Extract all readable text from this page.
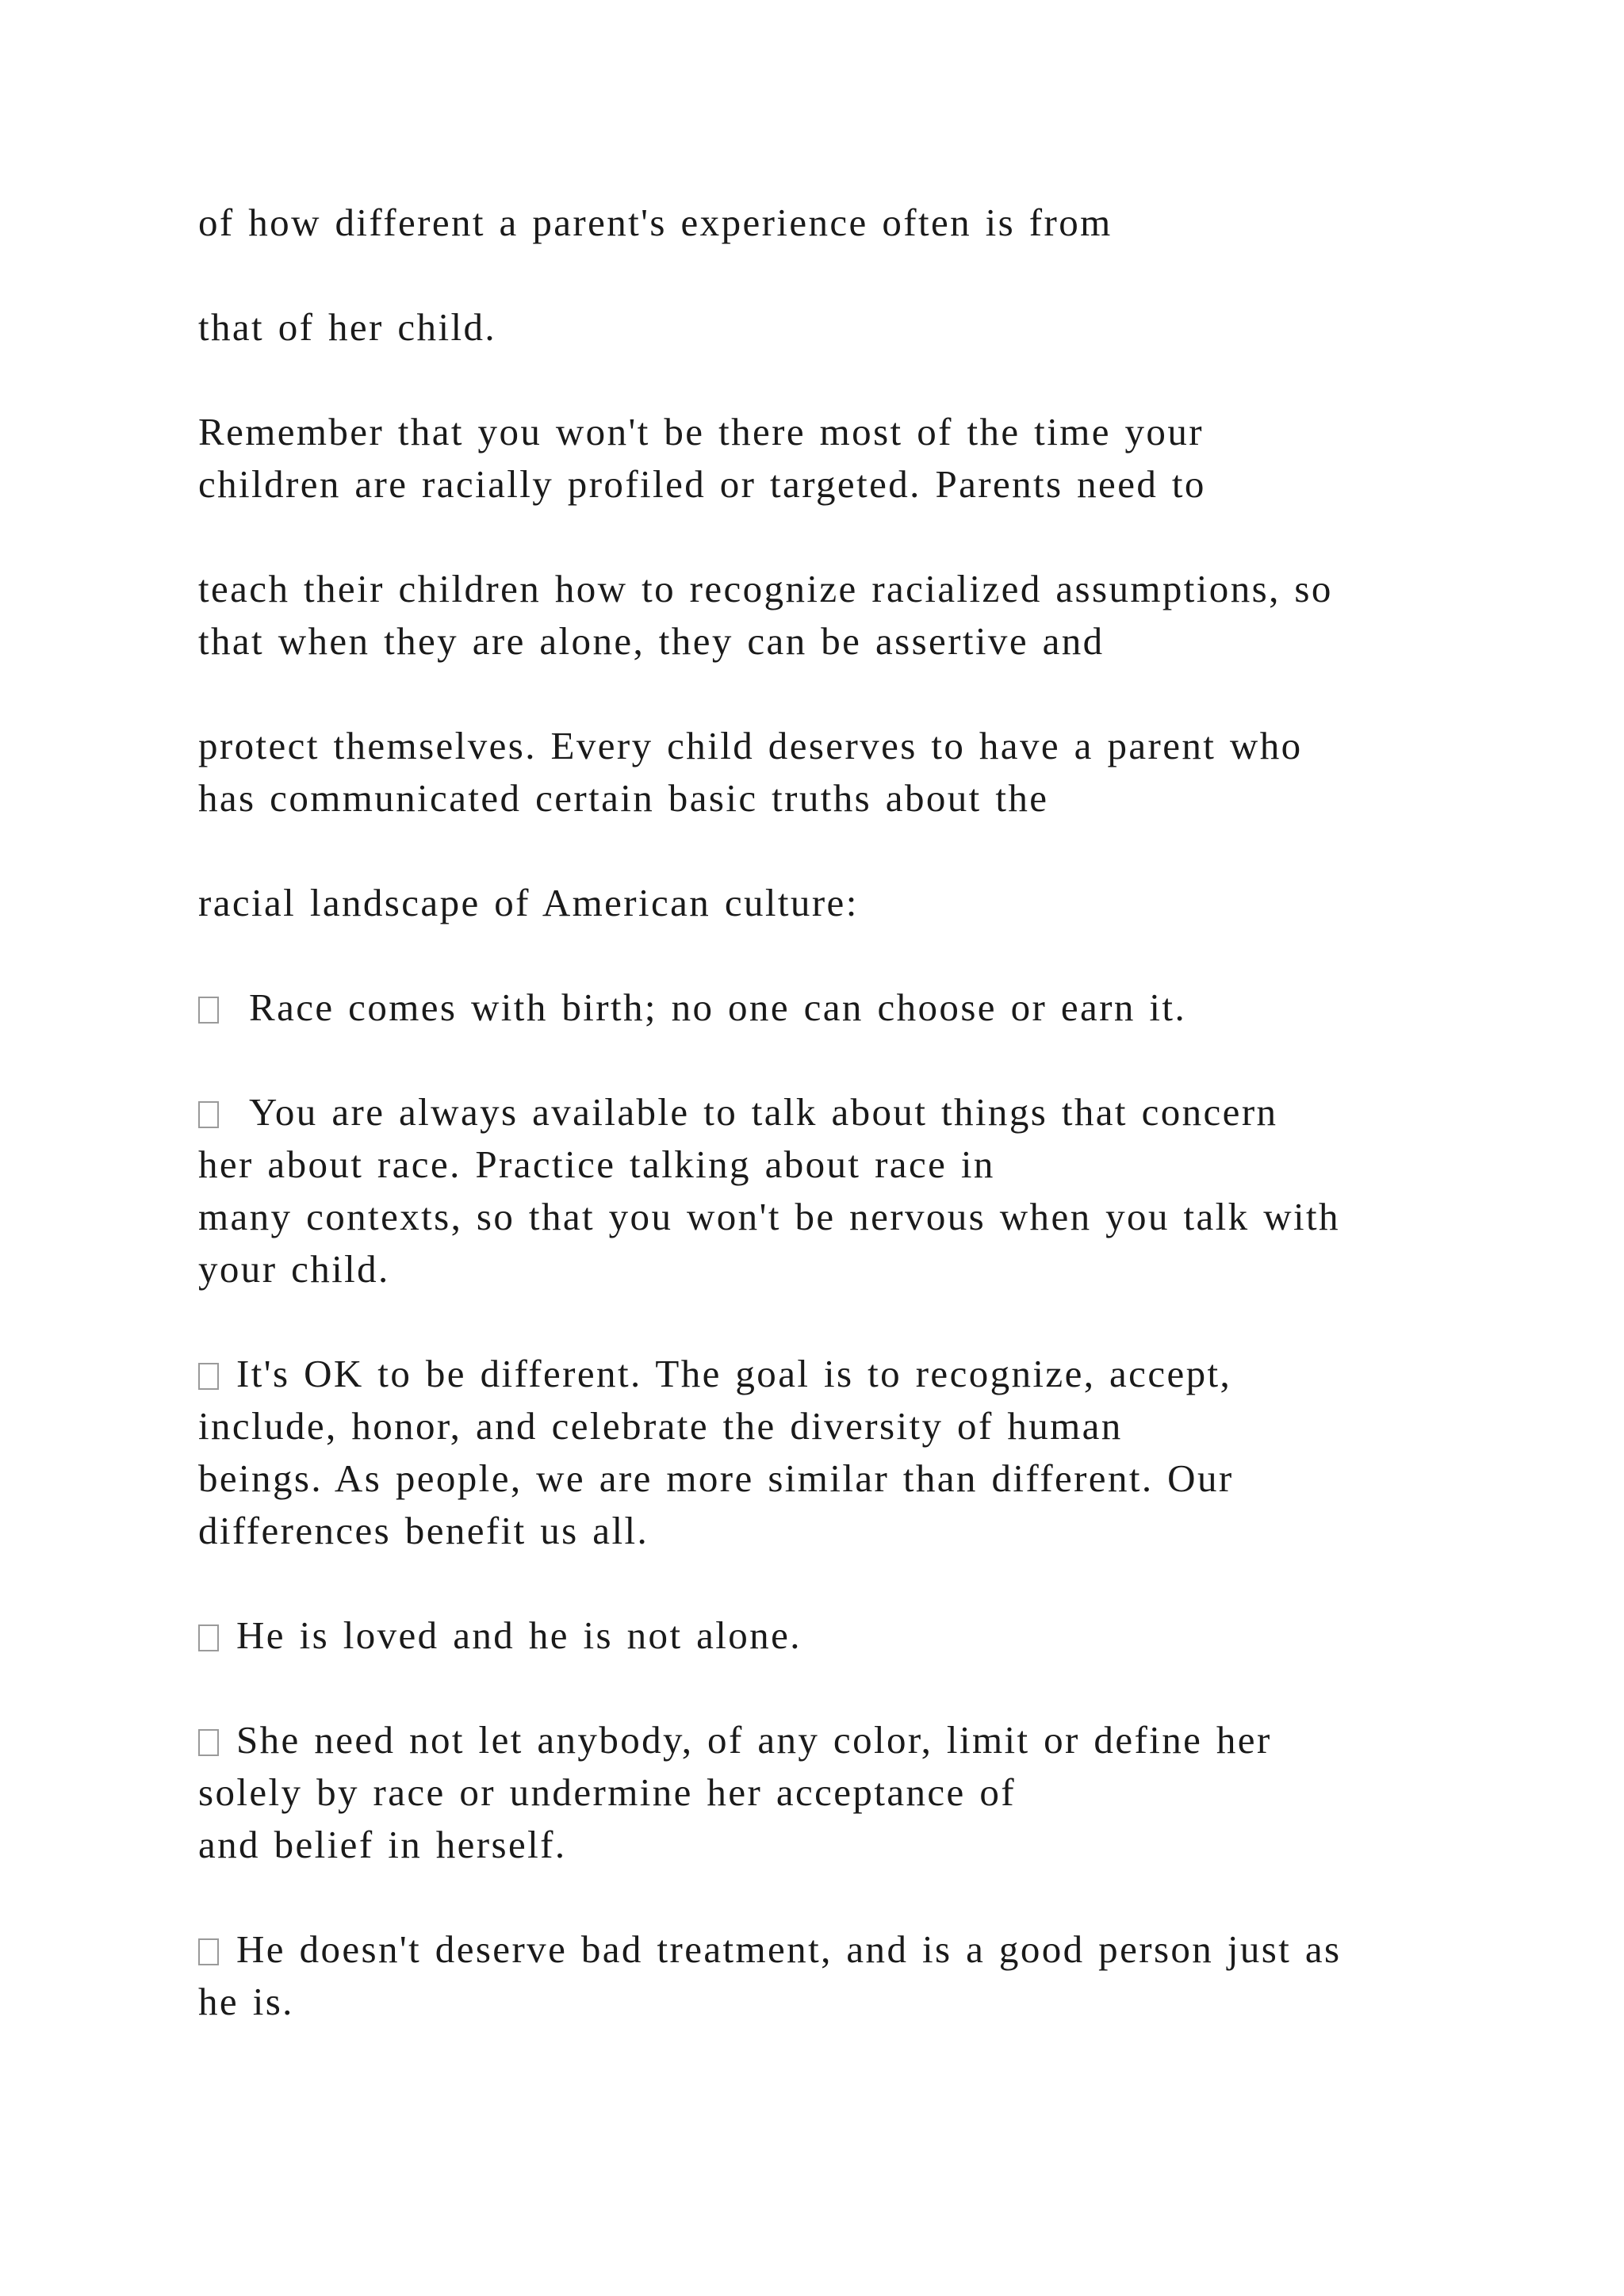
of how different a parent's experience often is from
that of her child.
Remember that you won't be there most of the time your
children are racially profiled or targeted. Parents need to
teach their children how to recognize racialized assumptions, so
that when they are alone, they can be assertive and
protect themselves. Every child deserves to have a parent who
has communicated certain basic truths about the
racial landscape of American culture:
Race comes with birth; no one can choose or earn it.
You are always available to talk about things that concern
her about race. Practice talking about race in
many contexts, so that you won't be nervous when you talk with
your child.
It's OK to be different. The goal is to recognize, accept,
include, honor, and celebrate the diversity of human
beings. As people, we are more similar than different. Our
differences benefit us all.
He is loved and he is not alone.
She need not let anybody, of any color, limit or define her
solely by race or undermine her acceptance of
and belief in herself.
He doesn't deserve bad treatment, and is a good person just as
he is.
